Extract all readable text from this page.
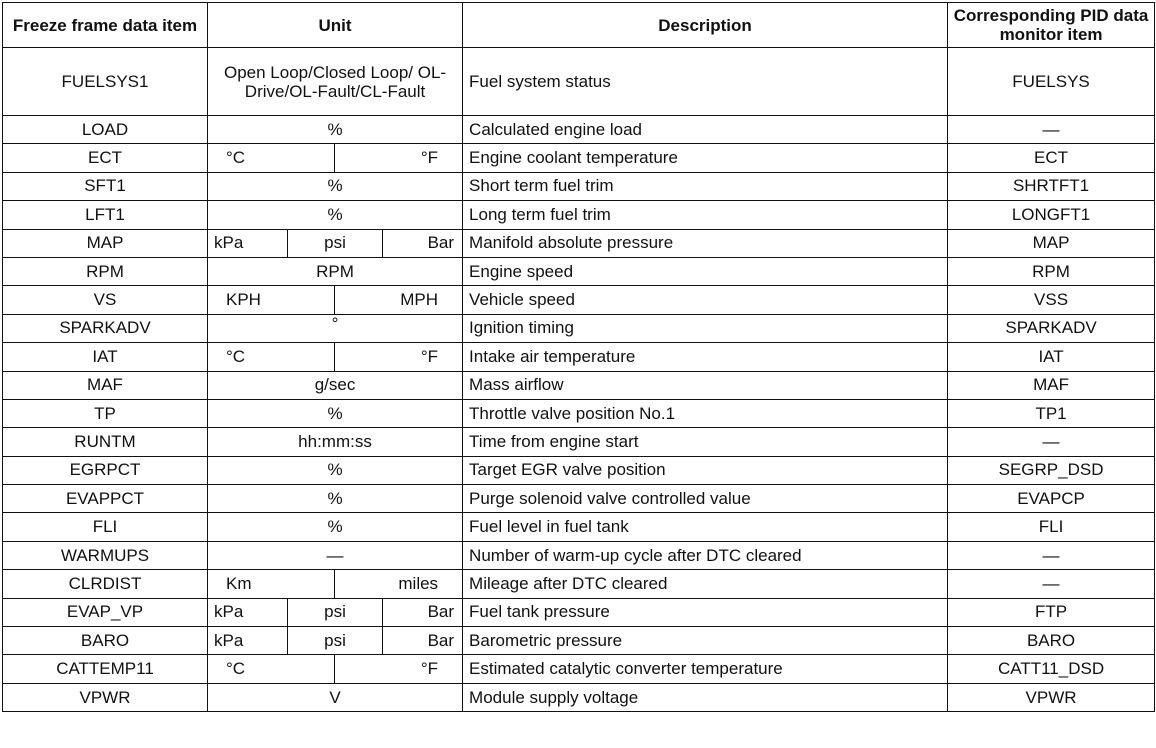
Freeze frame data item	Unit				Description	Corresponding PID data monitor item
FUELSYS1	Open Loop/Closed Loop/ OL-Drive/OL-Fault/CL-Fault				Fuel system status	FUELSYS
LOAD	%				Calculated engine load	—
ECT	°C		°F		Engine coolant temperature	ECT
SFT1	%				Short term fuel trim	SHRTFT1
LFT1	%				Long term fuel trim	LONGFT1
MAP	kPa	psi		Bar	Manifold absolute pressure	MAP
RPM	RPM				Engine speed	RPM
VS	KPH		MPH		Vehicle speed	VSS
SPARKADV	°				Ignition timing	SPARKADV
IAT	°C		°F		Intake air temperature	IAT
MAF	g/sec				Mass airflow	MAF
TP	%				Throttle valve position No.1	TP1
RUNTM	hh:mm:ss				Time from engine start	—
EGRPCT	%				Target EGR valve position	SEGRP_DSD
EVAPPCT	%				Purge solenoid valve controlled value	EVAPCP
FLI	%				Fuel level in fuel tank	FLI
WARMUPS	—				Number of warm-up cycle after DTC cleared	—
CLRDIST	Km		miles		Mileage after DTC cleared	—
EVAP_VP	kPa	psi		Bar	Fuel tank pressure	FTP
BARO	kPa	psi		Bar	Barometric pressure	BARO
CATTEMP11	°C		°F		Estimated catalytic converter temperature	CATT11_DSD
VPWR	V				Module supply voltage	VPWR
